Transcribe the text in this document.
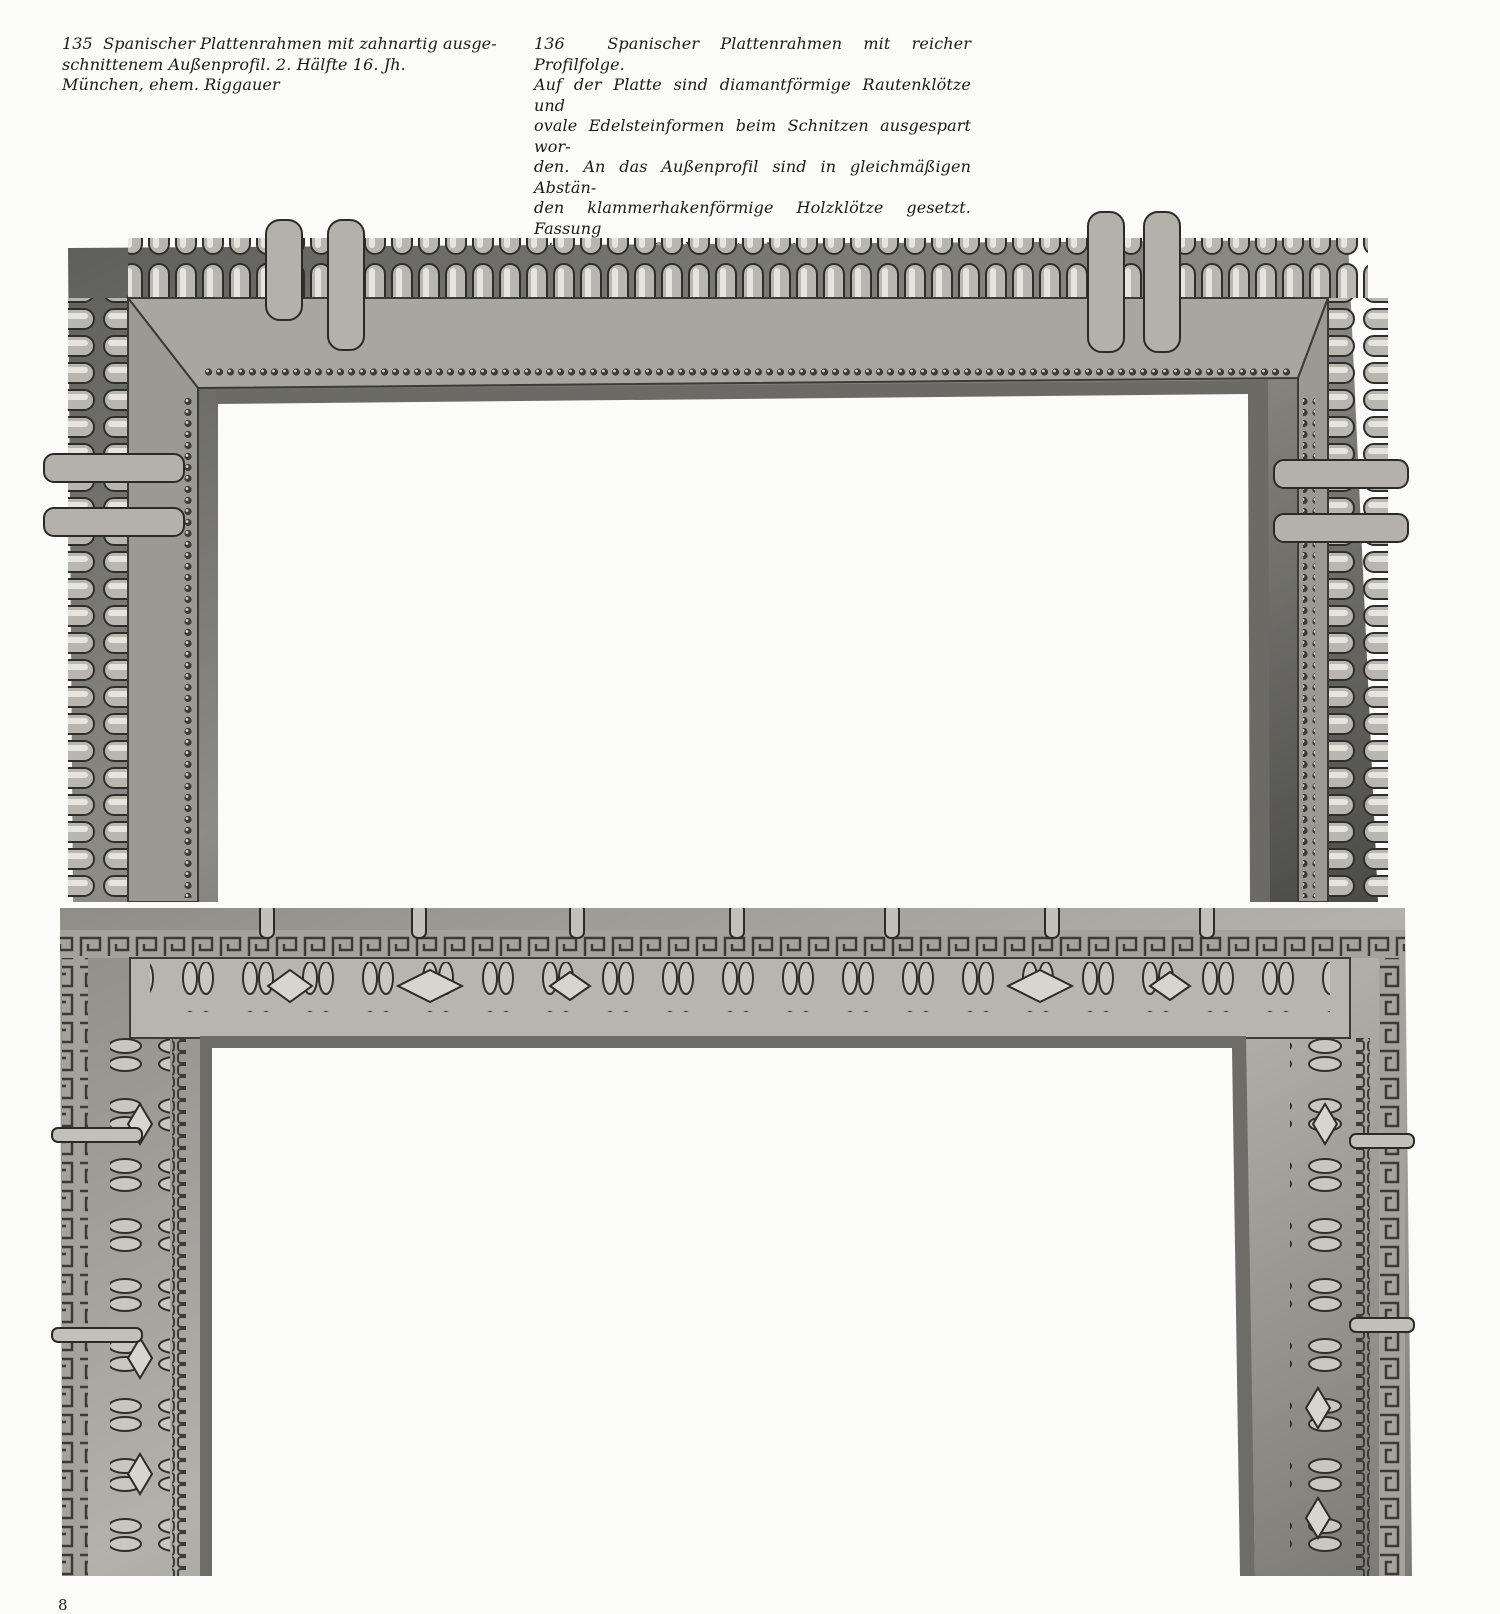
135 Spanischer Plattenrahmen mit zahnartig ausge-
schnittenem Außenprofil. 2. Hälfte 16. Jh.
München, ehem. Riggauer
136	Spanischer Plattenrahmen mit reicher Profilfolge.
Auf der Platte sind diamantförmige Rautenklötze und
ovale Edelsteinformen beim Schnitzen ausgespart wor-
den. An das Außenprofil sind in gleichmäßigen Abstän-
den klammerhakenförmige Holzklötze gesetzt. Fassung

8
